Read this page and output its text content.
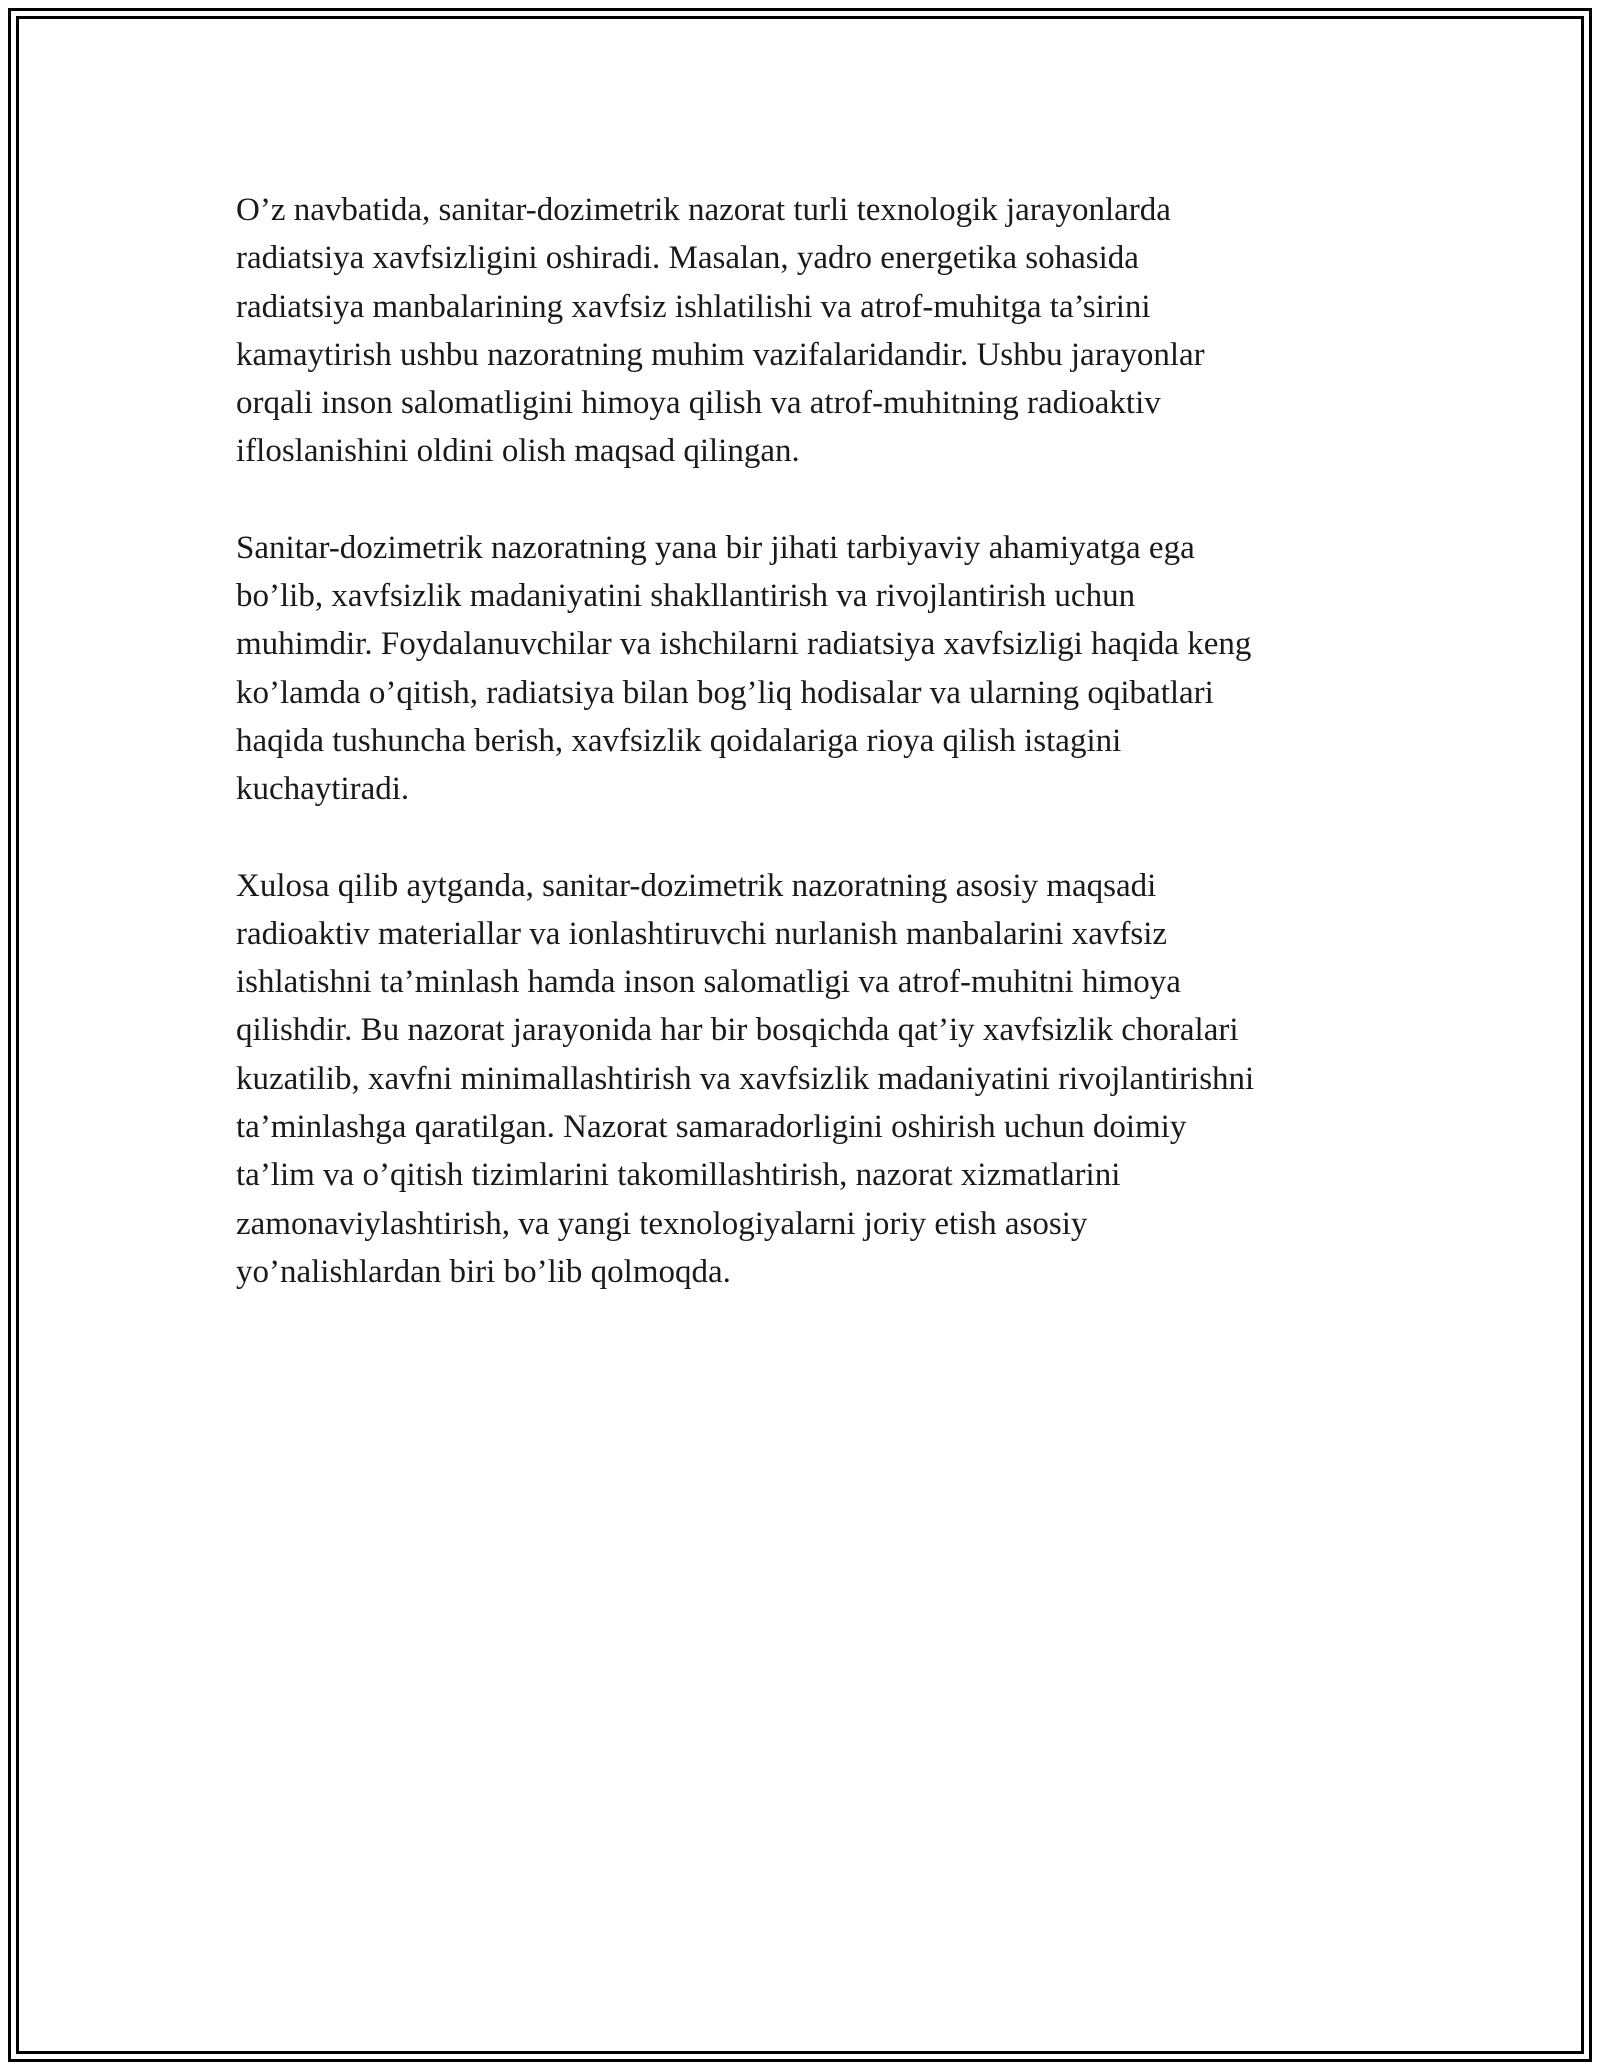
O’z navbatida, sanitar-dozimetrik nazorat turli texnologik jarayonlarda
radiatsiya xavfsizligini oshiradi. Masalan, yadro energetika sohasida
radiatsiya manbalarining xavfsiz ishlatilishi va atrof-muhitga ta’sirini
kamaytirish ushbu nazoratning muhim vazifalaridandir. Ushbu jarayonlar
orqali inson salomatligini himoya qilish va atrof-muhitning radioaktiv
ifloslanishini oldini olish maqsad qilingan.

Sanitar-dozimetrik nazoratning yana bir jihati tarbiyaviy ahamiyatga ega
bo’lib, xavfsizlik madaniyatini shakllantirish va rivojlantirish uchun
muhimdir. Foydalanuvchilar va ishchilarni radiatsiya xavfsizligi haqida keng
ko’lamda o’qitish, radiatsiya bilan bog’liq hodisalar va ularning oqibatlari
haqida tushuncha berish, xavfsizlik qoidalariga rioya qilish istagini
kuchaytiradi.

Xulosa qilib aytganda, sanitar-dozimetrik nazoratning asosiy maqsadi
radioaktiv materiallar va ionlashtiruvchi nurlanish manbalarini xavfsiz
ishlatishni ta’minlash hamda inson salomatligi va atrof-muhitni himoya
qilishdir. Bu nazorat jarayonida har bir bosqichda qat’iy xavfsizlik choralari
kuzatilib, xavfni minimallashtirish va xavfsizlik madaniyatini rivojlantirishni
ta’minlashga qaratilgan. Nazorat samaradorligini oshirish uchun doimiy
ta’lim va o’qitish tizimlarini takomillashtirish, nazorat xizmatlarini
zamonaviylashtirish, va yangi texnologiyalarni joriy etish asosiy
yo’nalishlardan biri bo’lib qolmoqda.
